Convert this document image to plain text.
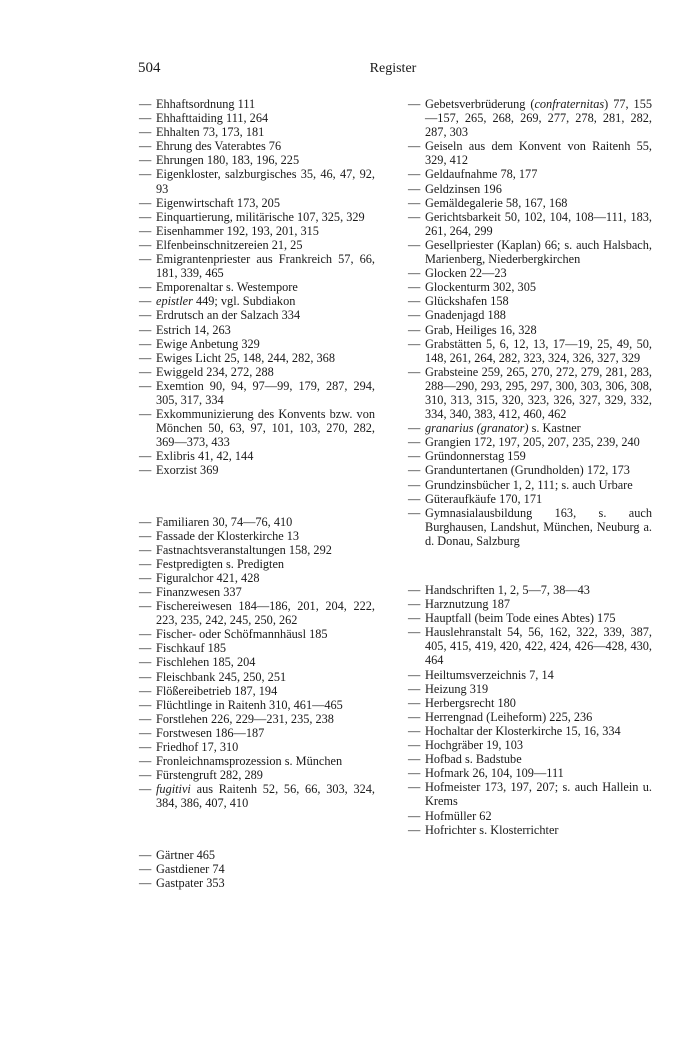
504	Register
— Ehhaftsordnung 111
— Ehhafttaiding 111, 264
— Ehhalten 73, 173, 181
— Ehrung des Vaterabtes 76
— Ehrungen 180, 183, 196, 225
— Eigenkloster, salzburgisches 35, 46, 47, 92, 93
— Eigenwirtschaft 173, 205
— Einquartierung, militärische 107, 325, 329
— Eisenhammer 192, 193, 201, 315
— Elfenbeinschnitzereien 21, 25
— Emigrantenpriester aus Frankreich 57, 66, 181, 339, 465
— Emporenaltar s. Westempore
— epistler 449; vgl. Subdiakon
— Erdrutsch an der Salzach 334
— Estrich 14, 263
— Ewige Anbetung 329
— Ewiges Licht 25, 148, 244, 282, 368
— Ewiggeld 234, 272, 288
— Exemtion 90, 94, 97—99, 179, 287, 294, 305, 317, 334
— Exkommunizierung des Konvents bzw. von Mönchen 50, 63, 97, 101, 103, 270, 282, 369—373, 433
— Exlibris 41, 42, 144
— Exorzist 369
— Familiaren 30, 74—76, 410
— Fassade der Klosterkirche 13
— Fastnachtsveranstaltungen 158, 292
— Festpredigten s. Predigten
— Figuralchor 421, 428
— Finanzwesen 337
— Fischereiwesen 184—186, 201, 204, 222, 223, 235, 242, 245, 250, 262
— Fischer- oder Schöfmannhäusl 185
— Fischkauf 185
— Fischlehen 185, 204
— Fleischbank 245, 250, 251
— Flößereibetrieb 187, 194
— Flüchtlinge in Raitenh 310, 461—465
— Forstlehen 226, 229—231, 235, 238
— Forstwesen 186—187
— Friedhof 17, 310
— Fronleichnamsprozession s. München
— Fürstengruft 282, 289
— fugitivi aus Raitenh 52, 56, 66, 303, 324, 384, 386, 407, 410
— Gärtner 465
— Gastdiener 74
— Gastpater 353
— Gebetsverbrüderung (confraternitas) 77, 155—157, 265, 268, 269, 277, 278, 281, 282, 287, 303
— Geiseln aus dem Konvent von Raitenh 55, 329, 412
— Geldaufnahme 78, 177
— Geldzinsen 196
— Gemäldegalerie 58, 167, 168
— Gerichtsbarkeit 50, 102, 104, 108—111, 183, 261, 264, 299
— Gesellpriester (Kaplan) 66; s. auch Halsbach, Marienberg, Niederbergkirchen
— Glocken 22—23
— Glockenturm 302, 305
— Glückshafen 158
— Gnadenjagd 188
— Grab, Heiliges 16, 328
— Grabstätten 5, 6, 12, 13, 17—19, 25, 49, 50, 148, 261, 264, 282, 323, 324, 326, 327, 329
— Grabsteine 259, 265, 270, 272, 279, 281, 283, 288—290, 293, 295, 297, 300, 303, 306, 308, 310, 313, 315, 320, 323, 326, 327, 329, 332, 334, 340, 383, 412, 460, 462
— granarius (granator) s. Kastner
— Grangien 172, 197, 205, 207, 235, 239, 240
— Gründonnerstag 159
— Granduntertanen (Grundholden) 172, 173
— Grundzinsbücher 1, 2, 111; s. auch Urbare
— Güteraufkäufe 170, 171
— Gymnasialausbildung 163, s. auch Burghausen, Landshut, München, Neuburg a. d. Donau, Salzburg
— Handschriften 1, 2, 5—7, 38—43
— Harznutzung 187
— Hauptfall (beim Tode eines Abtes) 175
— Hauslehranstalt 54, 56, 162, 322, 339, 387, 405, 415, 419, 420, 422, 424, 426—428, 430, 464
— Heiltumsverzeichnis 7, 14
— Heizung 319
— Herbergsrecht 180
— Herrengnad (Leiheform) 225, 236
— Hochaltar der Klosterkirche 15, 16, 334
— Hochgräber 19, 103
— Hofbad s. Badstube
— Hofmark 26, 104, 109—111
— Hofmeister 173, 197, 207; s. auch Hallein u. Krems
— Hofmüller 62
— Hofrichter s. Klosterrichter
